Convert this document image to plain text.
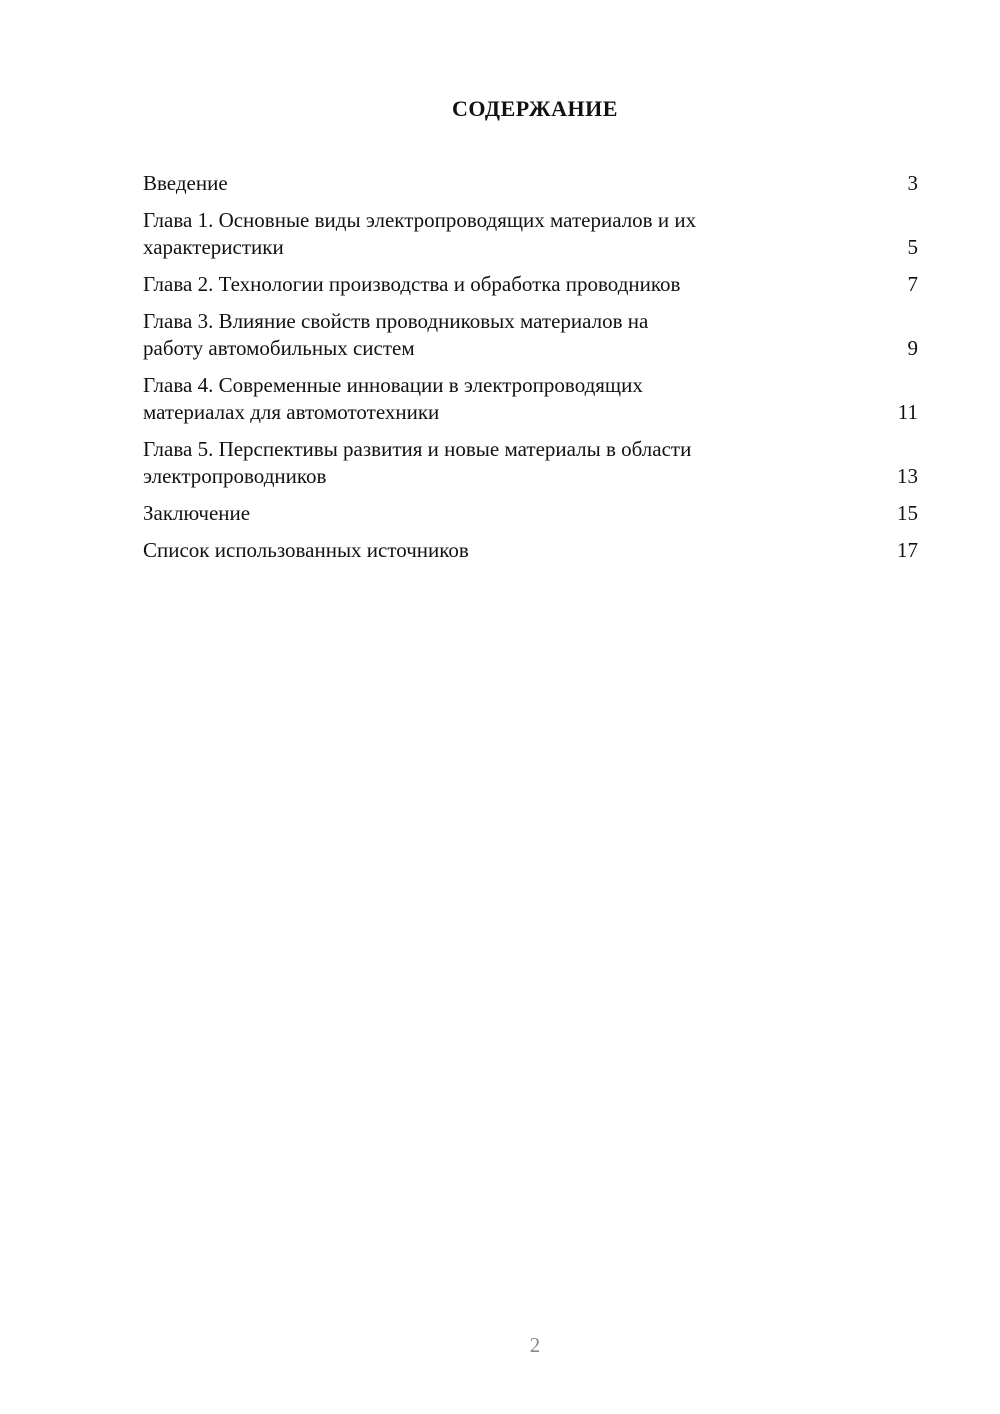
СОДЕРЖАНИЕ
Введение	3
Глава 1. Основные виды электропроводящих материалов и их
характеристики	5
Глава 2. Технологии производства и обработка проводников	7
Глава 3. Влияние свойств проводниковых материалов на
работу автомобильных систем	9
Глава 4. Современные инновации в электропроводящих
материалах для автомототехники	11
Глава 5. Перспективы развития и новые материалы в области
электропроводников	13
Заключение	15
Список использованных источников	17
2
